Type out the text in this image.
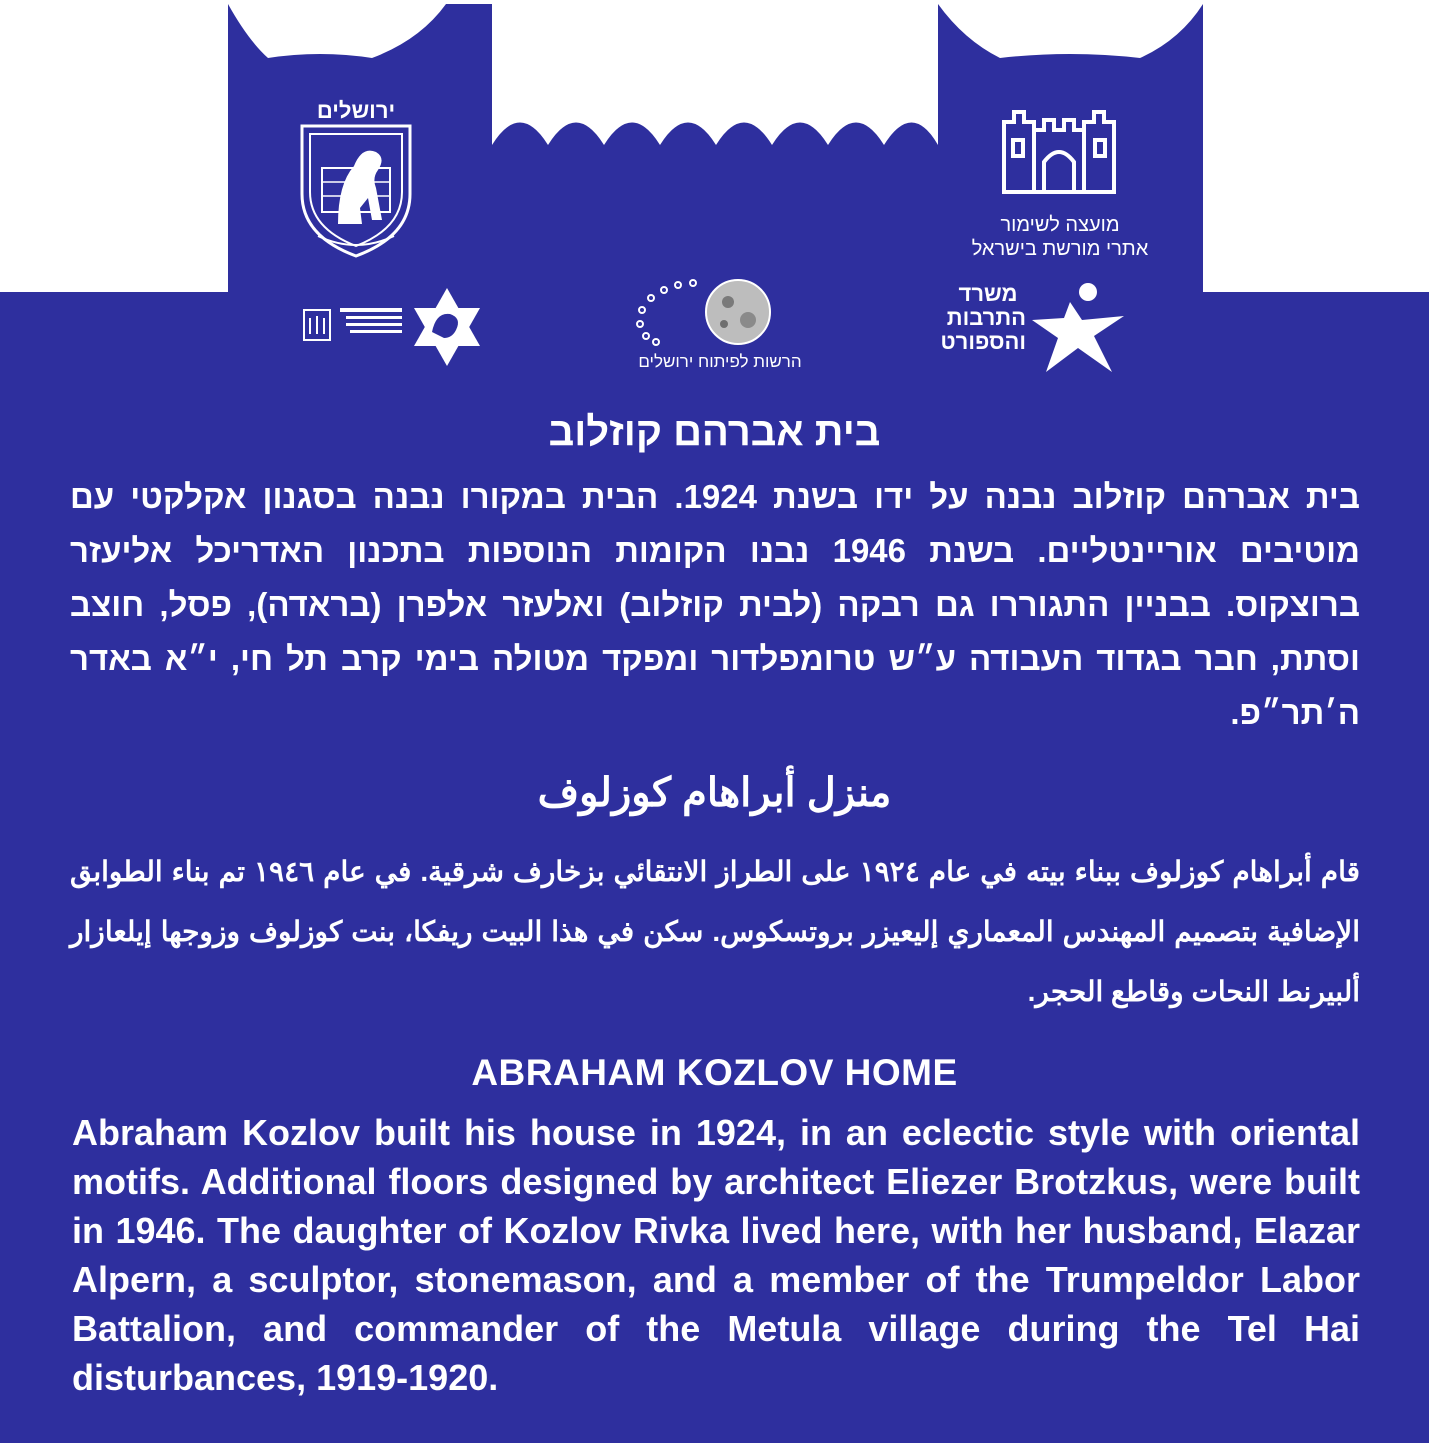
ירושלים
מועצה לשימור
אתרי מורשת בישראל
הרשות לפיתוח ירושלים
משרד
התרבות
והספורט
בית אברהם קוזלוב
בית אברהם קוזלוב נבנה על ידו בשנת 1924. הבית במקורו נבנה בסגנון אקלקטי עם מוטיבים אוריינטליים. בשנת 1946 נבנו הקומות הנוספות בתכנון האדריכל אליעזר ברוצקוס. בבניין התגוררו גם רבקה (לבית קוזלוב) ואלעזר אלפרן (בראדה), פסל, חוצב וסתת, חבר בגדוד העבודה ע״ש טרומפלדור ומפקד מטולה בימי קרב תל חי, י״א באדר ה׳תר״פ.
منزل أبراهام كوزلوف
قام أبراهام كوزلوف ببناء بيته في عام ١٩٢٤ على الطراز الانتقائي بزخارف شرقية. في عام ١٩٤٦ تم بناء الطوابق الإضافية بتصميم المهندس المعماري إليعيزر بروتسكوس. سكن في هذا البيت ريفكا، بنت كوزلوف وزوجها إيلعازار ألبيرنط النحات وقاطع الحجر.
ABRAHAM KOZLOV HOME
Abraham Kozlov built his house in 1924, in an eclectic style with oriental motifs. Additional floors designed by architect Eliezer Brotzkus, were built in 1946. The daughter of Kozlov Rivka lived here, with her husband, Elazar Alpern, a sculptor, stonemason, and a member of the Trumpeldor Labor Battalion, and commander of the Metula village during the Tel Hai disturbances, 1919-1920.
